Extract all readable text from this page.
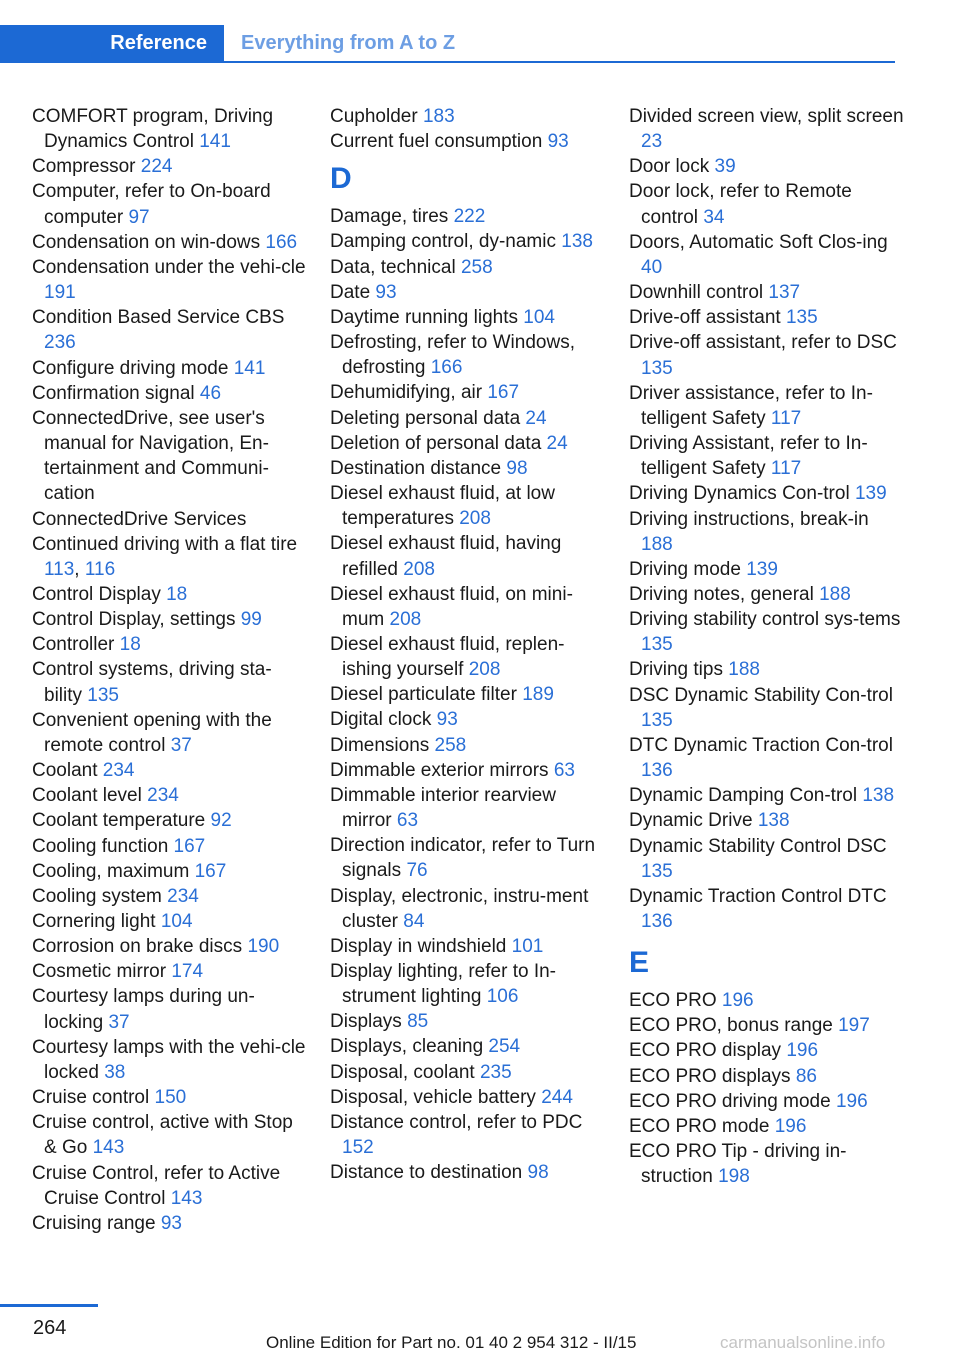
Reference	Everything from A to Z
COMFORT program, Driving Dynamics Control 141
Compressor 224
Computer, refer to On-board computer 97
Condensation on win-dows 166
Condensation under the vehi-cle 191
Condition Based Service CBS 236
Configure driving mode 141
Confirmation signal 46
ConnectedDrive, see user's manual for Navigation, En-tertainment and Communi-cation
ConnectedDrive Services
Continued driving with a flat tire 113, 116
Control Display 18
Control Display, settings 99
Controller 18
Control systems, driving sta-bility 135
Convenient opening with the remote control 37
Coolant 234
Coolant level 234
Coolant temperature 92
Cooling function 167
Cooling, maximum 167
Cooling system 234
Cornering light 104
Corrosion on brake discs 190
Cosmetic mirror 174
Courtesy lamps during un-locking 37
Courtesy lamps with the vehi-cle locked 38
Cruise control 150
Cruise control, active with Stop & Go 143
Cruise Control, refer to Active Cruise Control 143
Cruising range 93
Cupholder 183
Current fuel consumption 93
D
Damage, tires 222
Damping control, dy-namic 138
Data, technical 258
Date 93
Daytime running lights 104
Defrosting, refer to Windows, defrosting 166
Dehumidifying, air 167
Deleting personal data 24
Deletion of personal data 24
Destination distance 98
Diesel exhaust fluid, at low temperatures 208
Diesel exhaust fluid, having refilled 208
Diesel exhaust fluid, on mini-mum 208
Diesel exhaust fluid, replen-ishing yourself 208
Diesel particulate filter 189
Digital clock 93
Dimensions 258
Dimmable exterior mirrors 63
Dimmable interior rearview mirror 63
Direction indicator, refer to Turn signals 76
Display, electronic, instru-ment cluster 84
Display in windshield 101
Display lighting, refer to In-strument lighting 106
Displays 85
Displays, cleaning 254
Disposal, coolant 235
Disposal, vehicle battery 244
Distance control, refer to PDC 152
Distance to destination 98
Divided screen view, split screen 23
Door lock 39
Door lock, refer to Remote control 34
Doors, Automatic Soft Clos-ing 40
Downhill control 137
Drive-off assistant 135
Drive-off assistant, refer to DSC 135
Driver assistance, refer to In-telligent Safety 117
Driving Assistant, refer to In-telligent Safety 117
Driving Dynamics Con-trol 139
Driving instructions, break-in 188
Driving mode 139
Driving notes, general 188
Driving stability control sys-tems 135
Driving tips 188
DSC Dynamic Stability Con-trol 135
DTC Dynamic Traction Con-trol 136
Dynamic Damping Con-trol 138
Dynamic Drive 138
Dynamic Stability Control DSC 135
Dynamic Traction Control DTC 136
E
ECO PRO 196
ECO PRO, bonus range 197
ECO PRO display 196
ECO PRO displays 86
ECO PRO driving mode 196
ECO PRO mode 196
ECO PRO Tip - driving in-struction 198
264
carmanualsonline.info
Online Edition for Part no. 01 40 2 954 312 - II/15
